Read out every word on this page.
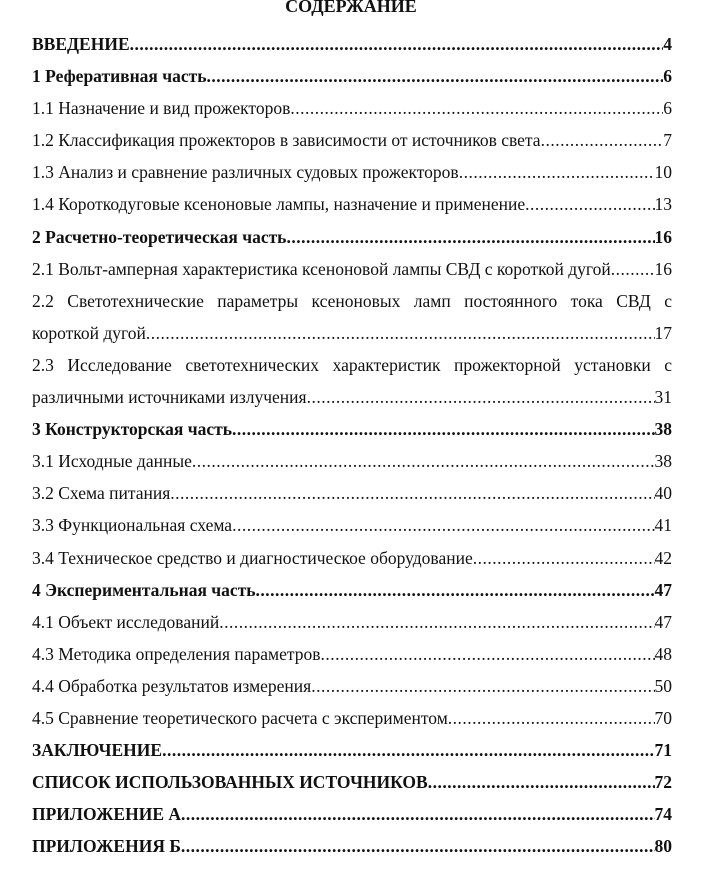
СОДЕРЖАНИЕ
ВВЕДЕНИЕ .....	4
1 Реферативная часть .....	6
1.1 Назначение и вид прожекторов .....	6
1.2 Классификация прожекторов в зависимости от источников света .....	7
1.3 Анализ и сравнение различных судовых прожекторов .....	10
1.4 Короткодуговые ксеноновые лампы, назначение и применение .....	13
2 Расчетно-теоретическая часть .....	16
2.1 Вольт-амперная характеристика ксеноновой лампы СВД с короткой дугой ..... 16
2.2 Светотехнические параметры ксеноновых ламп постоянного тока СВД с
короткой дугой .....	17
2.3 Исследование светотехнических характеристик прожекторной установки с
различными источниками излучения .....	31
3 Конструкторская часть .....	38
3.1 Исходные данные .....	38
3.2 Схема питания .....	40
3.3 Функциональная схема .....	41
3.4 Техническое средство и диагностическое оборудование .....	42
4 Экспериментальная часть .....	47
4.1 Объект исследований .....	47
4.3 Методика определения параметров .....	48
4.4 Обработка результатов измерения .....	50
4.5 Сравнение теоретического расчета с экспериментом .....	70
ЗАКЛЮЧЕНИЕ .....	71
СПИСОК ИСПОЛЬЗОВАННЫХ ИСТОЧНИКОВ .....	72
ПРИЛОЖЕНИЕ А .....	74
ПРИЛОЖЕНИЯ Б .....	80
